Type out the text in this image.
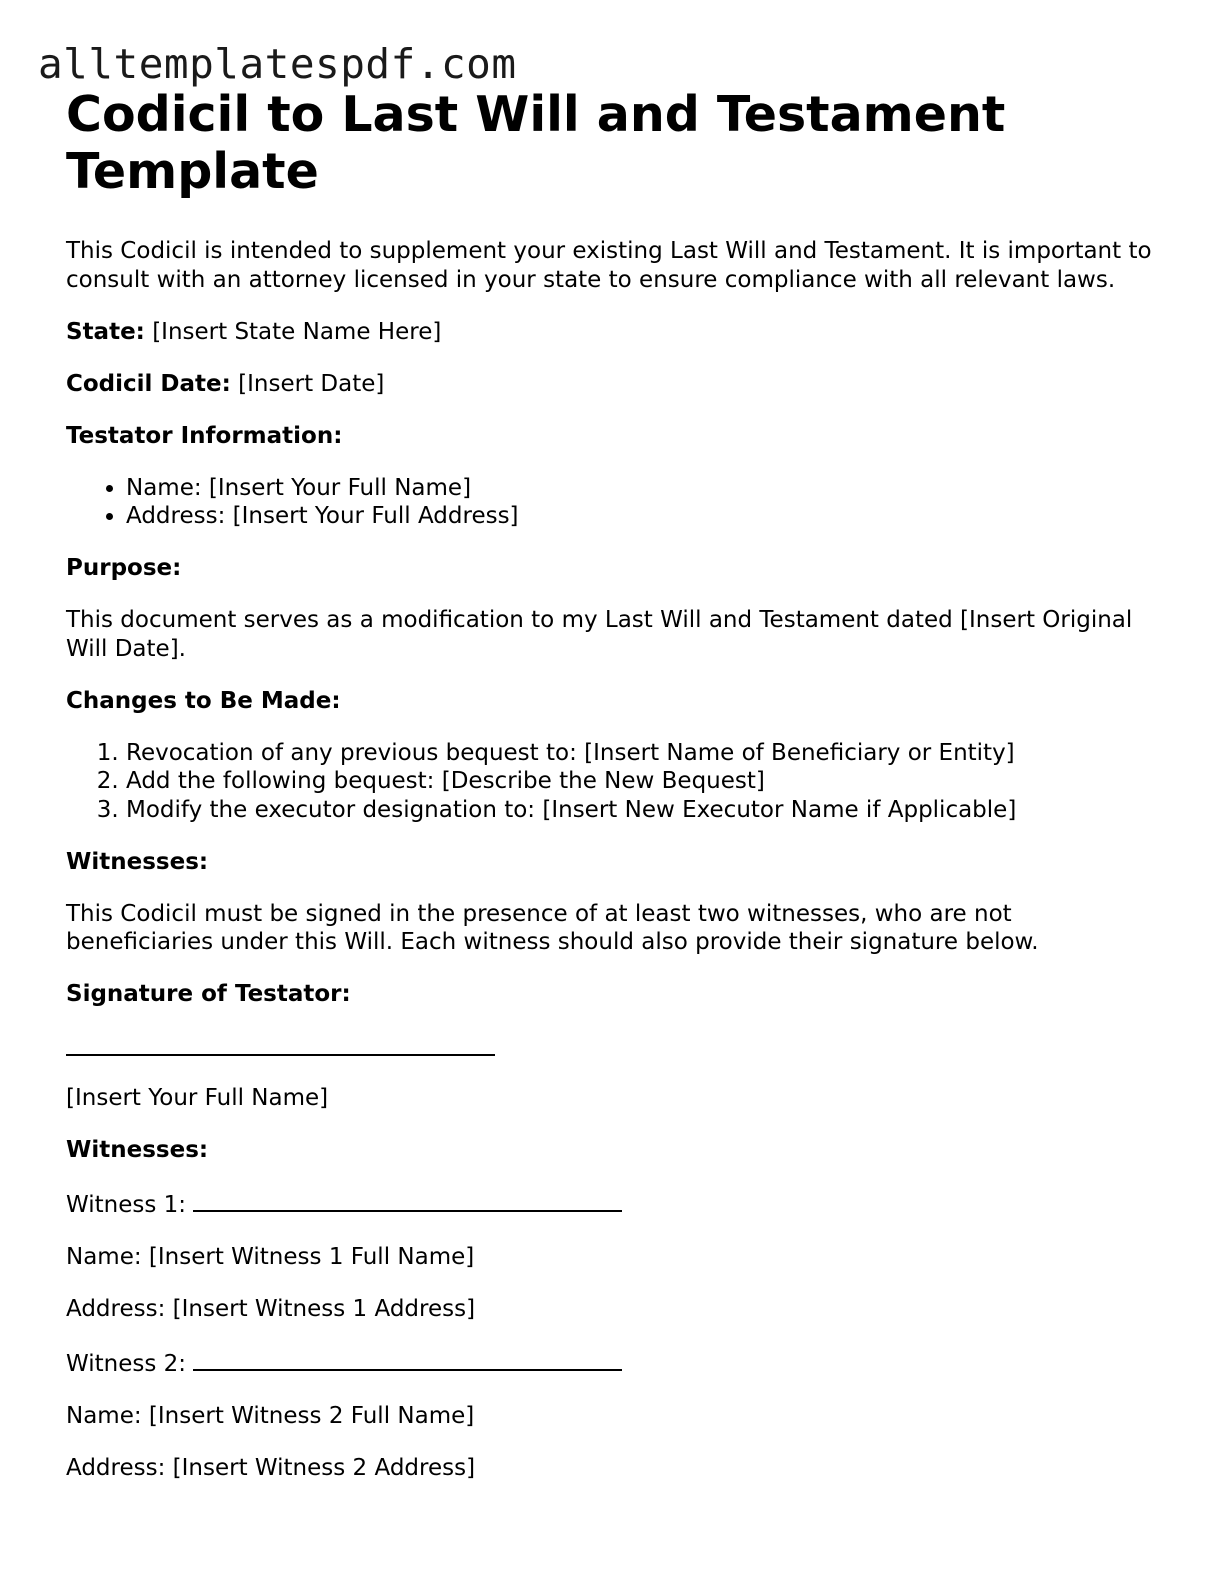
alltemplatespdf.com
Codicil to Last Will and Testament Template

This Codicil is intended to supplement your existing Last Will and Testament. It is important to consult with an attorney licensed in your state to ensure compliance with all relevant laws.

State: [Insert State Name Here]

Codicil Date: [Insert Date]

Testator Information:

• Name: [Insert Your Full Name]
• Address: [Insert Your Full Address]

Purpose:

This document serves as a modification to my Last Will and Testament dated [Insert Original Will Date].

Changes to Be Made:

1. Revocation of any previous bequest to: [Insert Name of Beneficiary or Entity]
2. Add the following bequest: [Describe the New Bequest]
3. Modify the executor designation to: [Insert New Executor Name if Applicable]

Witnesses:

This Codicil must be signed in the presence of at least two witnesses, who are not beneficiaries under this Will. Each witness should also provide their signature below.

Signature of Testator:

[Insert Your Full Name]

Witnesses:

Witness 1:

Name: [Insert Witness 1 Full Name]

Address: [Insert Witness 1 Address]

Witness 2:

Name: [Insert Witness 2 Full Name]

Address: [Insert Witness 2 Address]
